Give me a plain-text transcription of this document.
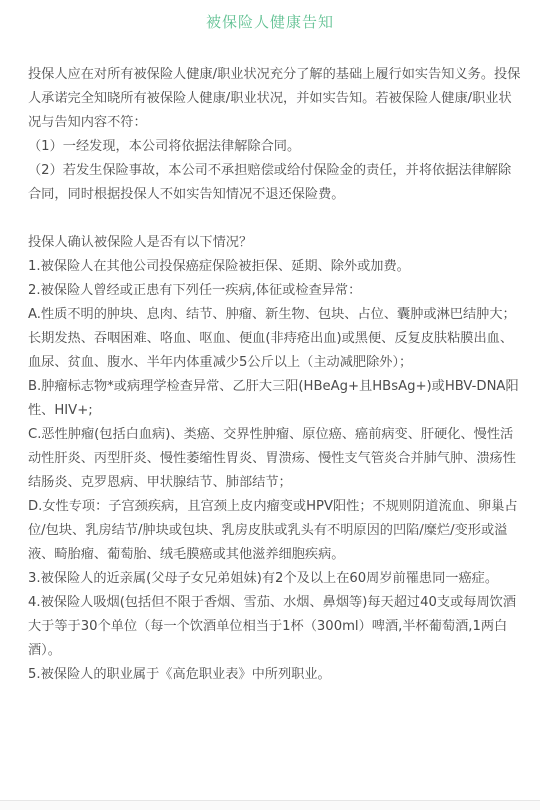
被保险人健康告知

投保人应在对所有被保险人健康/职业状况充分了解的基础上履行如实告知义务。投保人承诺完全知晓所有被保险人健康/职业状况，并如实告知。若被保险人健康/职业状况与告知内容不符：

（1）一经发现，本公司将依据法律解除合同。

（2）若发生保险事故，本公司不承担赔偿或给付保险金的责任，并将依据法律解除合同，同时根据投保人不如实告知情况不退还保险费。

投保人确认被保险人是否有以下情况？

1.被保险人在其他公司投保癌症保险被拒保、延期、除外或加费。

2.被保险人曾经或正患有下列任一疾病,体征或检查异常：

A.性质不明的肿块、息肉、结节、肿瘤、新生物、包块、占位、囊肿或淋巴结肿大；长期发热、吞咽困难、咯血、呕血、便血(非痔疮出血)或黑便、反复皮肤粘膜出血、血尿、贫血、腹水、半年内体重减少5公斤以上（主动减肥除外）；

B.肿瘤标志物*或病理学检查异常、乙肝大三阳(HBeAg+且HBsAg+)或HBV-DNA阳性、HIV+;

C.恶性肿瘤(包括白血病)、类癌、交界性肿瘤、原位癌、癌前病变、肝硬化、慢性活动性肝炎、丙型肝炎、慢性萎缩性胃炎、胃溃疡、慢性支气管炎合并肺气肿、溃疡性结肠炎、克罗恩病、甲状腺结节、肺部结节；

D.女性专项：子宫颈疾病，且宫颈上皮内瘤变或HPV阳性；不规则阴道流血、卵巢占位/包块、乳房结节/肿块或包块、乳房皮肤或乳头有不明原因的凹陷/糜烂/变形或溢液、畸胎瘤、葡萄胎、绒毛膜癌或其他滋养细胞疾病。

3.被保险人的近亲属(父母子女兄弟姐妹)有2个及以上在60周岁前罹患同一癌症。

4.被保险人吸烟(包括但不限于香烟、雪茄、水烟、鼻烟等)每天超过40支或每周饮酒大于等于30个单位（每一个饮酒单位相当于1杯（300ml）啤酒,半杯葡萄酒,1两白酒）。

5.被保险人的职业属于《高危职业表》中所列职业。
